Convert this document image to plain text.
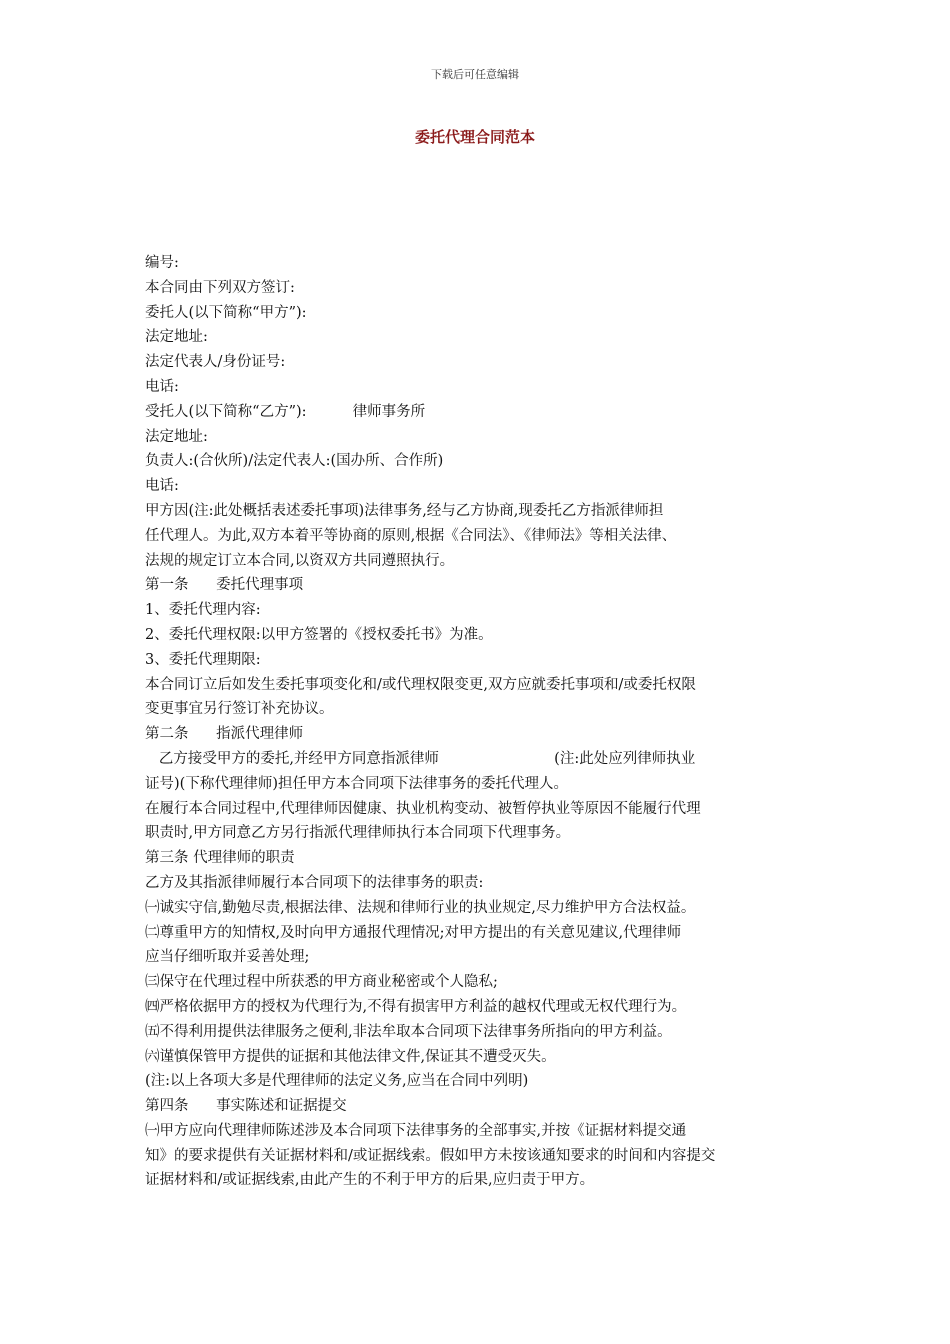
下载后可任意编辑
委托代理合同范本
编号:
本合同由下列双方签订:
委托人(以下简称“甲方”):
法定地址:
法定代表人/身份证号:
电话:
受托人(以下简称“乙方”):          律师事务所
法定地址:
负责人:(合伙所)/法定代表人:(国办所、合作所)
电话:
甲方因(注:此处概括表述委托事项)法律事务,经与乙方协商,现委托乙方指派律师担
任代理人。为此,双方本着平等协商的原则,根据《合同法》、《律师法》等相关法律、
法规的规定订立本合同,以资双方共同遵照执行。
第一条      委托代理事项
1、委托代理内容:
2、委托代理权限:以甲方签署的《授权委托书》为准。
3、委托代理期限:
本合同订立后如发生委托事项变化和/或代理权限变更,双方应就委托事项和/或委托权限
变更事宜另行签订补充协议。
第二条      指派代理律师
乙方接受甲方的委托,并经甲方同意指派律师                         (注:此处应列律师执业
证号)(下称代理律师)担任甲方本合同项下法律事务的委托代理人。
在履行本合同过程中,代理律师因健康、执业机构变动、被暂停执业等原因不能履行代理
职责时,甲方同意乙方另行指派代理律师执行本合同项下代理事务。
第三条 代理律师的职责
乙方及其指派律师履行本合同项下的法律事务的职责:
㈠诚实守信,勤勉尽责,根据法律、法规和律师行业的执业规定,尽力维护甲方合法权益。
㈡尊重甲方的知情权,及时向甲方通报代理情况;对甲方提出的有关意见建议,代理律师
应当仔细听取并妥善处理;
㈢保守在代理过程中所获悉的甲方商业秘密或个人隐私;
㈣严格依据甲方的授权为代理行为,不得有损害甲方利益的越权代理或无权代理行为。
㈤不得利用提供法律服务之便利,非法牟取本合同项下法律事务所指向的甲方利益。
㈥谨慎保管甲方提供的证据和其他法律文件,保证其不遭受灭失。
(注:以上各项大多是代理律师的法定义务,应当在合同中列明)
第四条      事实陈述和证据提交
㈠甲方应向代理律师陈述涉及本合同项下法律事务的全部事实,并按《证据材料提交通
知》的要求提供有关证据材料和/或证据线索。假如甲方未按该通知要求的时间和内容提交
证据材料和/或证据线索,由此产生的不利于甲方的后果,应归责于甲方。
